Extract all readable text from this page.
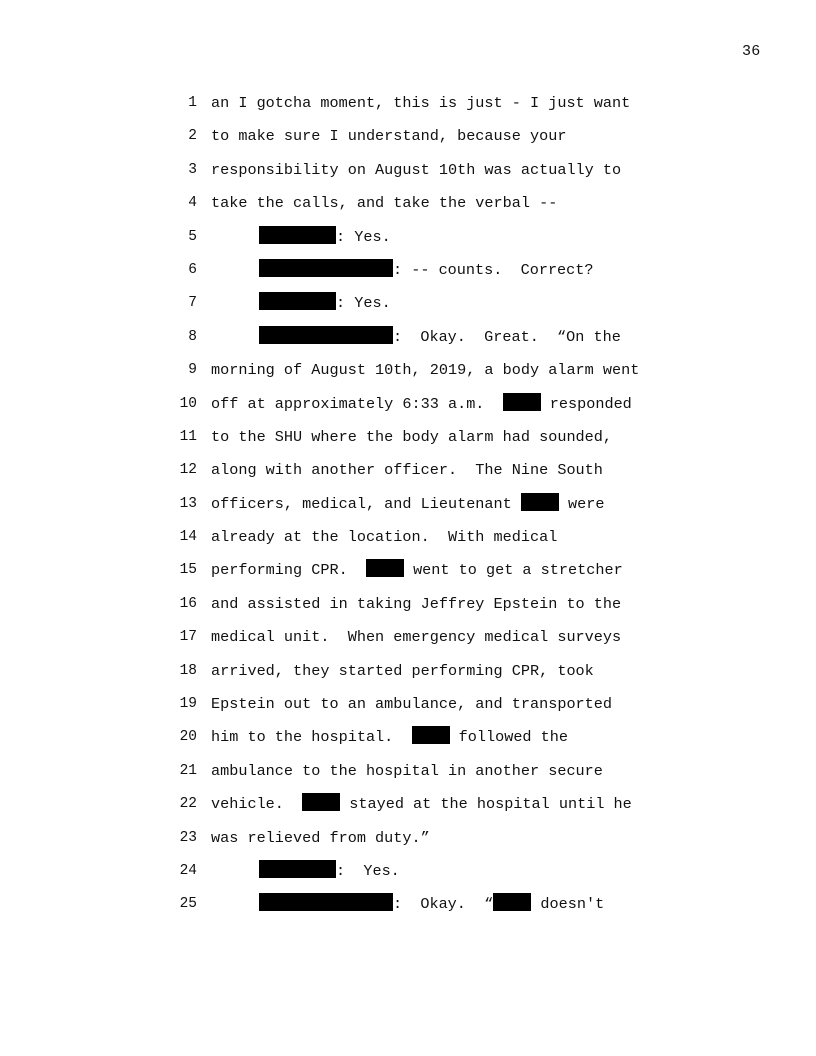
36

1

an I gotcha moment, this is just - I just want

2

to make sure I understand, because your

3

responsibility on August 10th was actually to

4

take the calls, and take the verbal --

5

	: Yes.

6

	: -- counts.  Correct?

7

	: Yes.

8

	:  Okay.  Great.  “On the

9

morning of August 10th, 2019, a body alarm went

10

off at approximately 6:33 a.m.	responded

11

to the SHU where the body alarm had sounded,

12

along with another officer.  The Nine South

13

officers, medical, and Lieutenant	were

14

already at the location.  With medical

15

performing CPR.	went to get a stretcher

16

and assisted in taking Jeffrey Epstein to the

17

medical unit.  When emergency medical surveys

18

arrived, they started performing CPR, took

19

Epstein out to an ambulance, and transported

20

him to the hospital.	followed the

21

ambulance to the hospital in another secure

22

vehicle.	stayed at the hospital until he

23

was relieved from duty.”

24

	:  Yes.

25

	:  Okay.  “	doesn't
